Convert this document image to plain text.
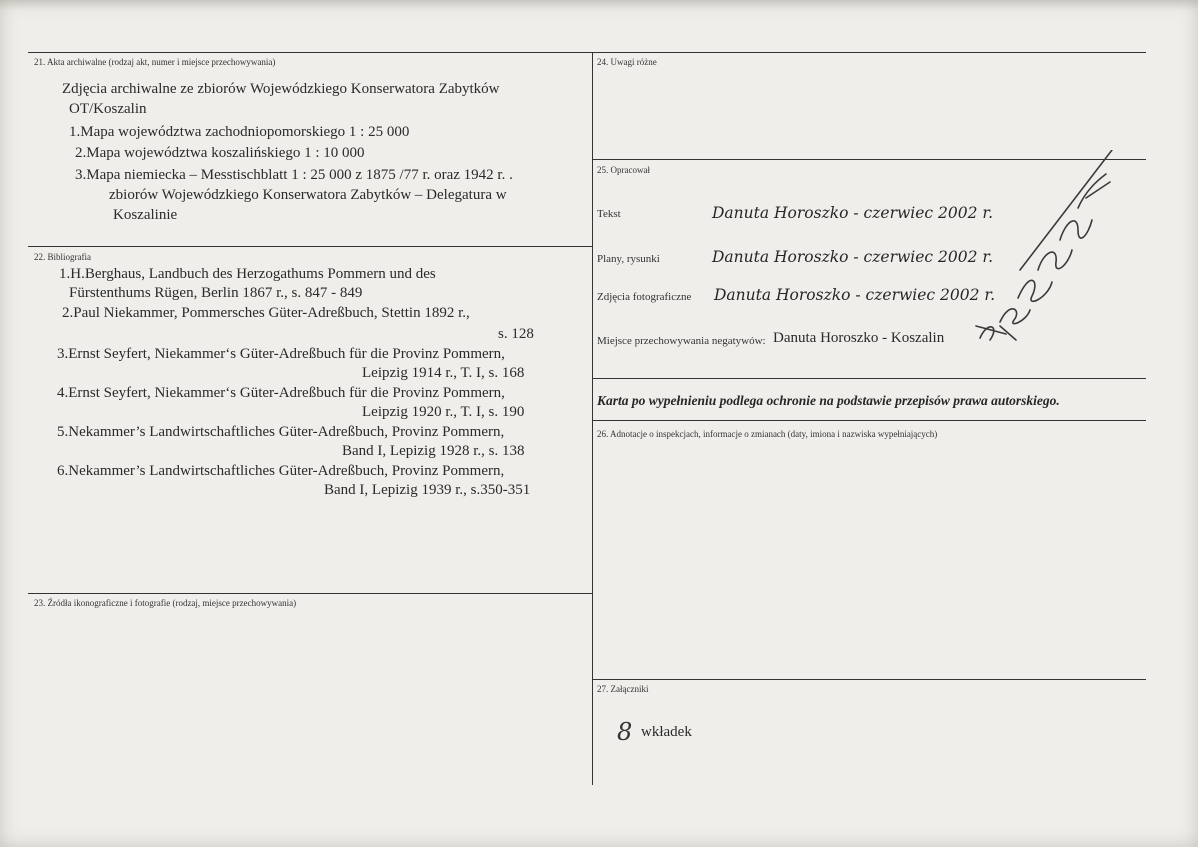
21. Akta archiwalne (rodzaj akt, numer i miejsce przechowywania)
Zdjęcia archiwalne ze zbiorów Wojewódzkiego Konserwatora Zabytków
OT/Koszalin
1.Mapa województwa zachodniopomorskiego 1 : 25 000
2.Mapa województwa koszalińskiego 1 : 10 000
3.Mapa niemiecka – Messtischblatt 1 : 25 000 z 1875 /77 r. oraz 1942 r. .
zbiorów Wojewódzkiego Konserwatora Zabytków – Delegatura w
Koszalinie
22. Bibliografia
1.H.Berghaus, Landbuch des Herzogathums Pommern und des
Fürstenthums Rügen, Berlin 1867 r., s. 847 - 849
2.Paul Niekammer, Pommersches Güter-Adreßbuch, Stettin 1892 r.,
s. 128
3.Ernst Seyfert, Niekammer‘s Güter-Adreßbuch für die Provinz Pommern,
Leipzig 1914 r., T. I, s. 168
4.Ernst Seyfert, Niekammer‘s Güter-Adreßbuch für die Provinz Pommern,
Leipzig 1920 r., T. I, s. 190
5.Nekammer’s Landwirtschaftliches Güter-Adreßbuch, Provinz Pommern,
Band I, Lepizig 1928 r., s. 138
6.Nekammer’s Landwirtschaftliches Güter-Adreßbuch, Provinz Pommern,
Band I, Lepizig 1939 r., s.350-351
23. Źródła ikonograficzne i fotografie (rodzaj, miejsce przechowywania)
24. Uwagi różne
25. Opracował
Tekst	Danuta Horoszko - czerwiec 2002 r.
Plany, rysunki	Danuta Horoszko - czerwiec 2002 r.
Zdjęcia fotograficzne Danuta Horoszko - czerwiec 2002 r.
Miejsce przechowywania negatywów: Danuta Horoszko - Koszalin
Karta po wypełnieniu podlega ochronie na podstawie przepisów prawa autorskiego.
26. Adnotacje o inspekcjach, informacje o zmianach (daty, imiona i nazwiska wypełniających)
27. Załączniki
8 wkładek
